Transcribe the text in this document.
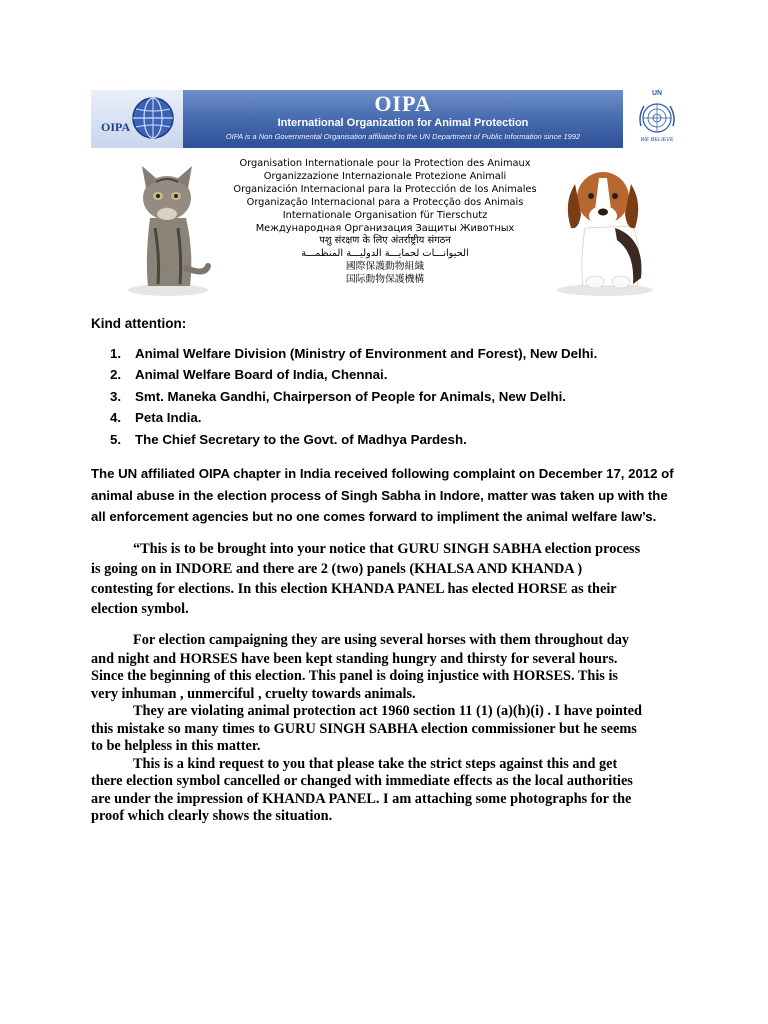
OIPA
OIPA
International Organization for Animal Protection
OIPA is a Non Governmental Organisation affiliated to the UN Department of Public Information since 1992
UN
WE BELIEVE
Organisation Internationale pour la Protection des Animaux
Organizzazione Internazionale Protezione Animali
Organización Internacional para la Protección de los Animales
Organização Internacional para a Protecção dos Animais
Internationale Organisation für Tierschutz
Международная Организация Защиты Животных
पशु संरक्षण के लिए अंतर्राष्ट्रीय संगठन
الحيوانـــات لحمايـــة الدوليـــة المنظمـــة
國際保護動物組織
国际動物保護機構
Kind attention:
1. Animal Welfare Division (Ministry of Environment and Forest), New Delhi.
2. Animal Welfare Board of India, Chennai.
3. Smt. Maneka Gandhi, Chairperson of People for Animals, New Delhi.
4. Peta India.
5. The Chief Secretary to the Govt. of Madhya Pardesh.
The UN affiliated OIPA chapter in India received following complaint on December 17, 2012 of
animal abuse in the election process of Singh Sabha in Indore, matter was taken up with the
all enforcement agencies but no one comes forward to impliment the animal welfare law’s.
“This is to be brought into your notice that GURU SINGH SABHA election process
is going on in INDORE and there are 2 (two) panels (KHALSA AND KHANDA )
contesting for elections. In this election KHANDA PANEL has elected HORSE as their
election symbol.
For election campaigning they are using several horses with them throughout day
and night and HORSES have been kept standing hungry and thirsty for several hours.
Since the beginning of this election. This panel is doing injustice with HORSES. This is
very inhuman , unmerciful , cruelty towards animals.
They are violating animal protection act 1960 section 11 (1) (a)(h)(i) . I have pointed
this mistake so many times to GURU SINGH SABHA election commissioner but he seems
to be helpless in this matter.
This is a kind request to you that please take the strict steps against this and get
there election symbol cancelled or changed with immediate effects as the local authorities
are under the impression of KHANDA PANEL. I am attaching some photographs for the
proof which clearly shows the situation.
